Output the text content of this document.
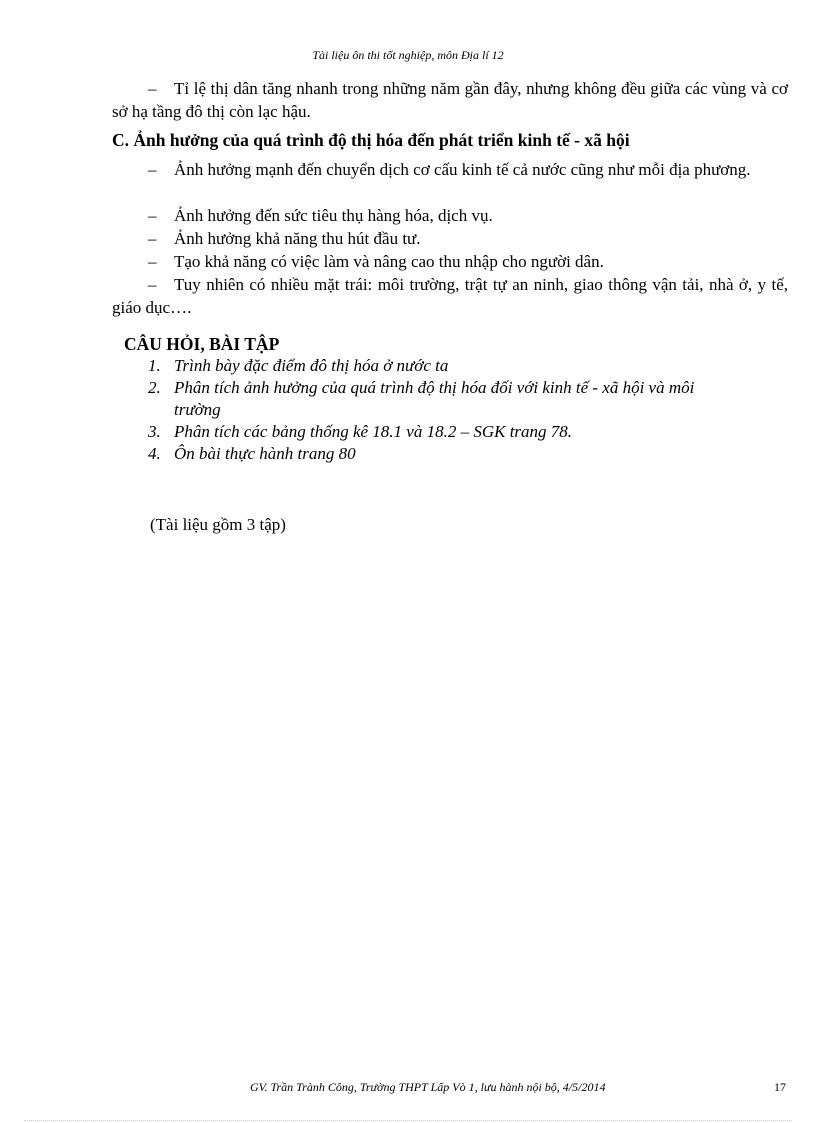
Tài liệu ôn thi tốt nghiệp, môn Địa lí 12
– Tỉ lệ thị dân tăng nhanh trong những năm gần đây, nhưng không đều giữa các vùng và cơ sở hạ tầng đô thị còn lạc hậu.
C. Ảnh hưởng của quá trình độ thị hóa đến phát triển kinh tế - xã hội
– Ảnh hưởng mạnh đến chuyển dịch cơ cấu kinh tế cả nước cũng như mỗi địa phương.
– Ảnh hưởng đến sức tiêu thụ hàng hóa, dịch vụ.
– Ảnh hưởng khả năng thu hút đầu tư.
– Tạo khả năng có việc làm và nâng cao thu nhập cho người dân.
– Tuy nhiên có nhiều mặt trái: môi trường, trật tự an ninh, giao thông vận tải, nhà ở, y tế, giáo dục….
CÂU HỎI, BÀI TẬP
1. Trình bày đặc điểm đô thị hóa ở nước ta
2. Phân tích ảnh hưởng của quá trình độ thị hóa đối với kinh tế - xã hội và môi
trường
3. Phân tích các bảng thống kê 18.1 và 18.2 – SGK trang 78.
4. Ôn bài thực hành trang 80
(Tài liệu gồm 3 tập)
GV. Trần Trành Công, Trường THPT Lấp Vò 1, lưu hành nội bộ, 4/5/2014	17
